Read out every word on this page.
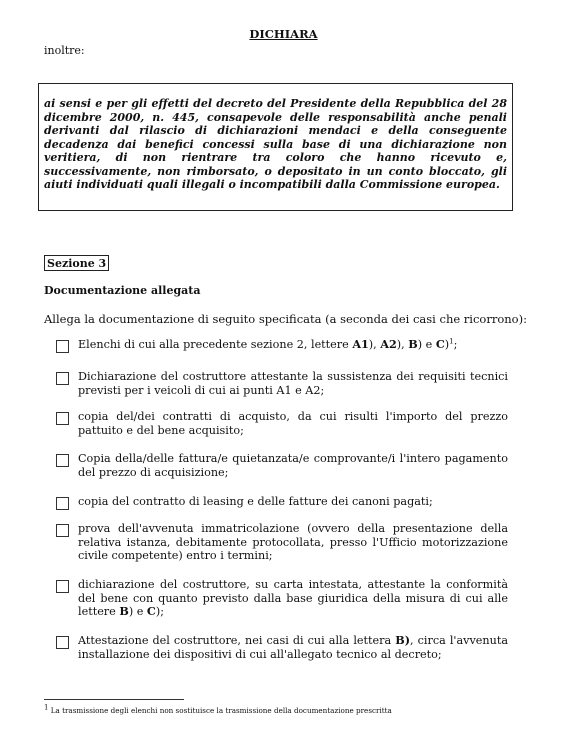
DICHIARA
inoltre:
ai sensi e per gli effetti del decreto del Presidente della Repubblica del 28 dicembre 2000, n. 445, consapevole delle responsabilità anche penali derivanti dal rilascio di dichiarazioni mendaci e della conseguente decadenza dai benefici concessi sulla base di una dichiarazione non veritiera, di non rientrare tra coloro che hanno ricevuto e, successivamente, non rimborsato, o depositato in un conto bloccato, gli aiuti individuati quali illegali o incompatibili dalla Commissione europea.
Sezione 3
Documentazione allegata
Allega la documentazione di seguito specificata (a seconda dei casi che ricorrono):
Elenchi di cui alla precedente sezione 2, lettere A1), A2), B) e C)$^1$;
Dichiarazione del costruttore attestante la sussistenza dei requisiti tecnici previsti per i veicoli di cui ai punti A1 e A2;
copia del/dei contratti di acquisto, da cui risulti l'importo del prezzo pattuito e del bene acquisito;
Copia della/delle fattura/e quietanzata/e comprovante/i l'intero pagamento del prezzo di acquisizione;
copia del contratto di leasing e delle fatture dei canoni pagati;
prova dell'avvenuta immatricolazione (ovvero della presentazione della relativa istanza, debitamente protocollata, presso l'Ufficio motorizzazione civile competente) entro i termini;
dichiarazione del costruttore, su carta intestata, attestante la conformità del bene con quanto previsto dalla base giuridica della misura di cui alle lettere B) e C);
Attestazione del costruttore, nei casi di cui alla lettera B), circa l'avvenuta installazione dei dispositivi di cui all'allegato tecnico al decreto;
$^1$ La trasmissione degli elenchi non sostituisce la trasmissione della documentazione prescritta
